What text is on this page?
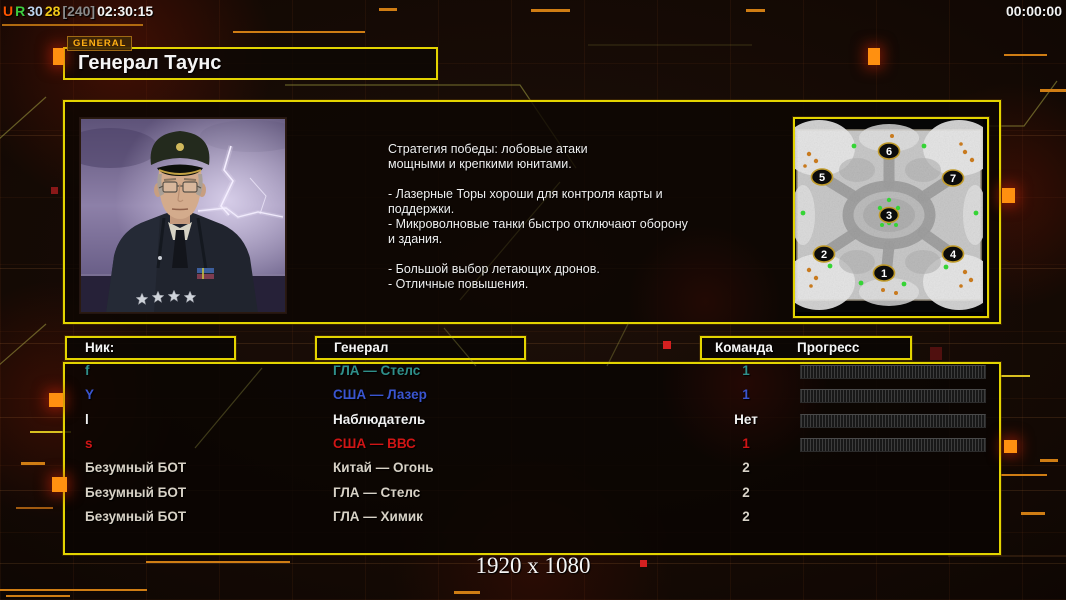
U R 30 28 [240] 02:30:15	00:00:00
GENERAL
Генерал Таунс
Стратегия победы: лобовые атаки
мощными и крепкими юнитами.
- Лазерные Торы хороши для контроля карты и
поддержки.
- Микроволновые танки быстро отключают оборону
и здания.
- Большой выбор летающих дронов.
- Отличные повышения.
1
2
3
4
5
6
7
Ник:	Генерал	Команда Прогресс
f	ГЛА — Стелс	1
Y	США — Лазер	1
l	Наблюдатель	Нет
s	США — ВВС	1
Безумный БОТ	Китай — Огонь	2
Безумный БОТ	ГЛА — Стелс	2
Безумный БОТ	ГЛА — Химик	2
1920 x 1080
